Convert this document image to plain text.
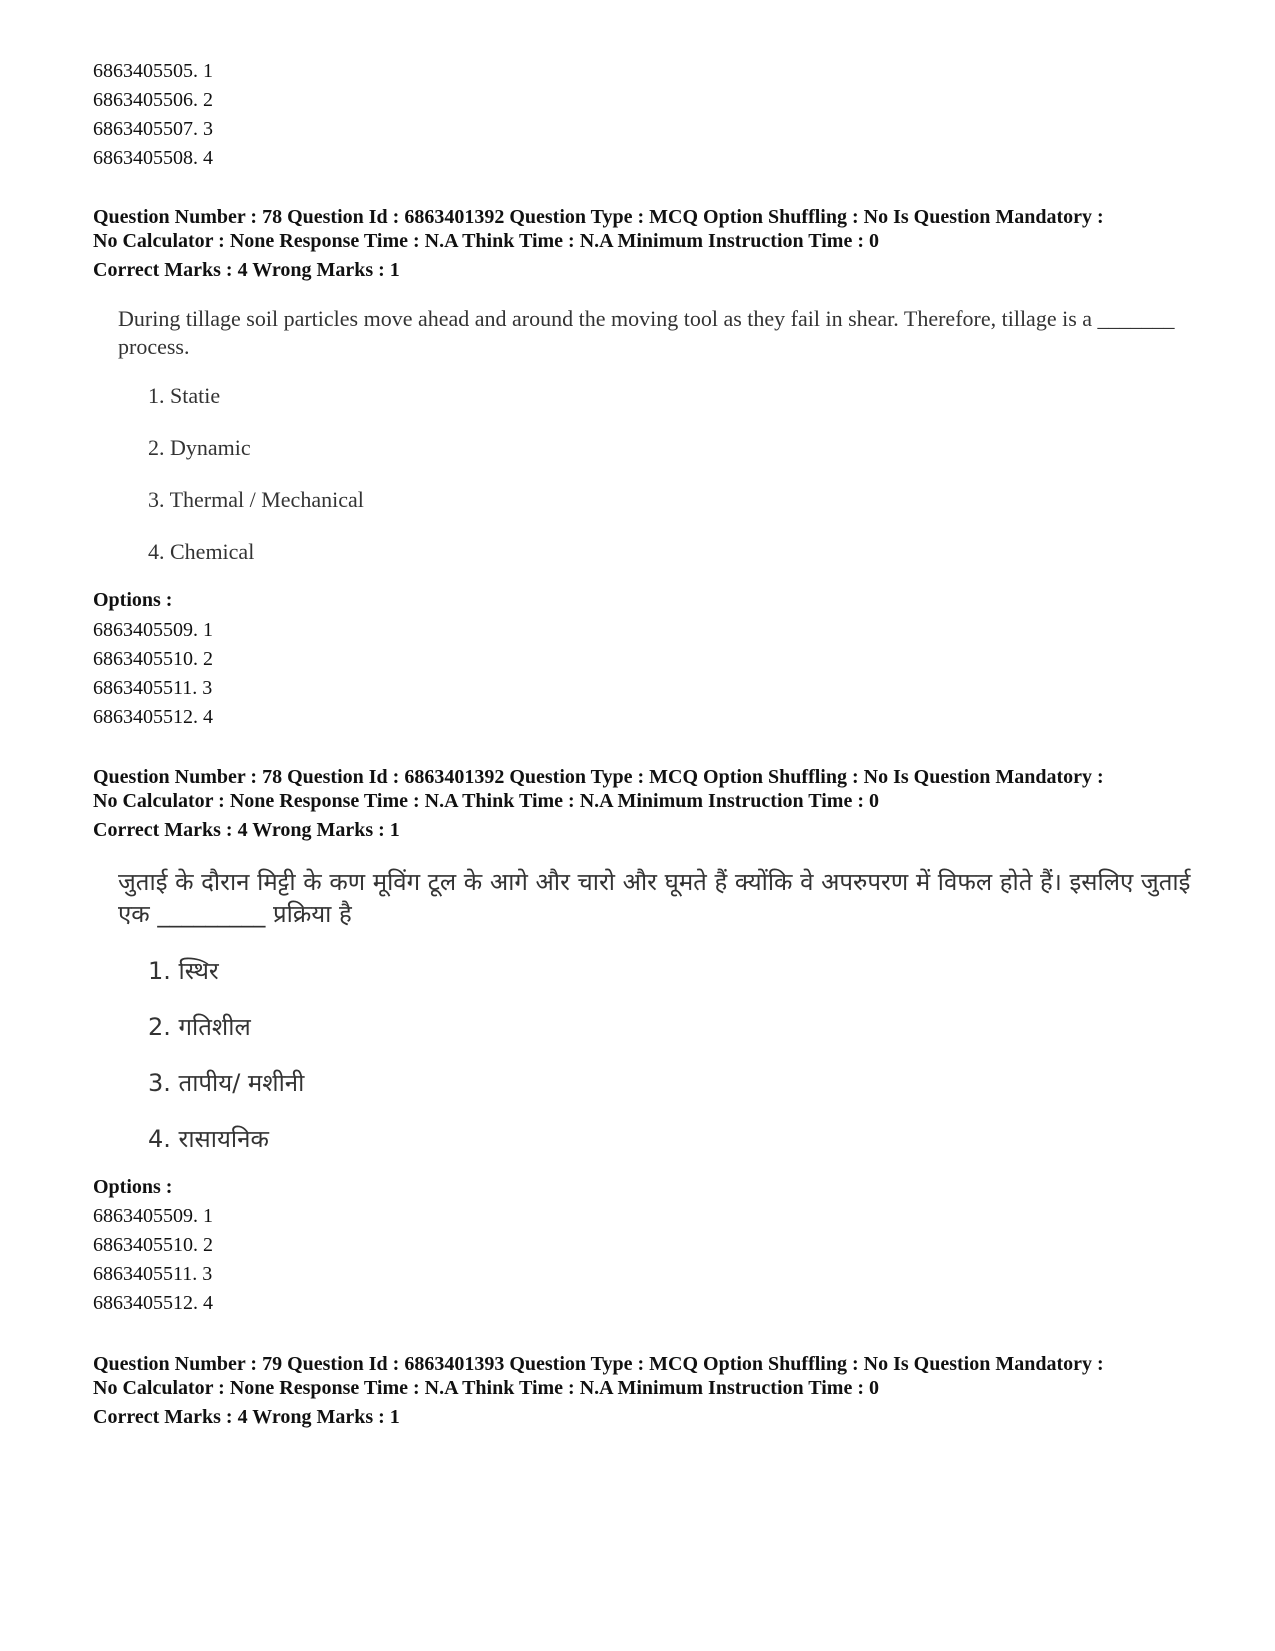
6863405505. 1
6863405506. 2
6863405507. 3
6863405508. 4
Question Number : 78 Question Id : 6863401392 Question Type : MCQ Option Shuffling : No Is Question Mandatory :
No Calculator : None Response Time : N.A Think Time : N.A Minimum Instruction Time : 0
Correct Marks : 4 Wrong Marks : 1
During tillage soil particles move ahead and around the moving tool as they fail in shear. Therefore, tillage is a _______ process.
1. Statie
2. Dynamic
3. Thermal / Mechanical
4. Chemical
Options :
6863405509. 1
6863405510. 2
6863405511. 3
6863405512. 4
Question Number : 78 Question Id : 6863401392 Question Type : MCQ Option Shuffling : No Is Question Mandatory :
No Calculator : None Response Time : N.A Think Time : N.A Minimum Instruction Time : 0
Correct Marks : 4 Wrong Marks : 1
जुताई के दौरान मिट्टी के कण मूविंग टूल के आगे और चारो और घूमते हैं क्योंकि वे अपरुपरण में विफल होते हैं। इसलिए जुताई एक _________ प्रक्रिया है
1. स्थिर
2. गतिशील
3. तापीय/ मशीनी
4. रासायनिक
Options :
6863405509. 1
6863405510. 2
6863405511. 3
6863405512. 4
Question Number : 79 Question Id : 6863401393 Question Type : MCQ Option Shuffling : No Is Question Mandatory :
No Calculator : None Response Time : N.A Think Time : N.A Minimum Instruction Time : 0
Correct Marks : 4 Wrong Marks : 1
